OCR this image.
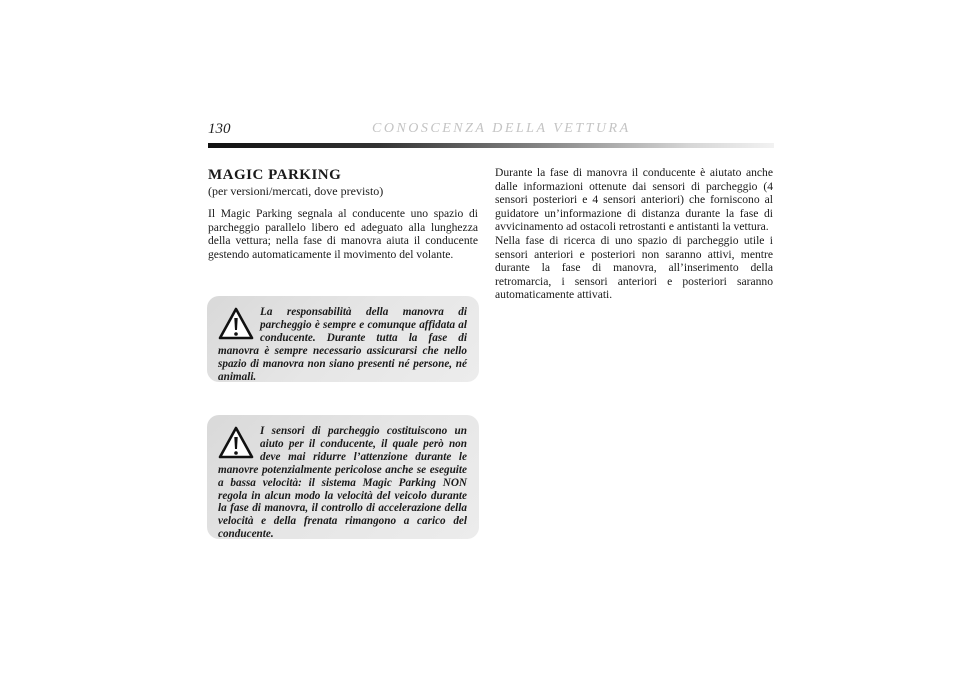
130	CONOSCENZA DELLA VETTURA
MAGIC PARKING

(per versioni/mercati, dove previsto)

Il Magic Parking segnala al conducente uno spazio di parcheggio parallelo libero ed adeguato alla lunghezza della vettura; nella fase di manovra aiuta il conducente gestendo automaticamente il movimento del volante.

La responsabilità della manovra di parcheggio è sempre e comunque affidata al conducente. Durante tutta la fase di manovra è sempre necessario assicurarsi che nello spazio di manovra non siano presenti né persone, né animali.
I sensori di parcheggio costituiscono un aiuto per il conducente, il quale però non deve mai ridurre l’attenzione durante le manovre potenzialmente pericolose anche se eseguite a bassa velocità: il sistema Magic Parking NON regola in alcun modo la velocità del veicolo durante la fase di manovra, il controllo di accelerazione della velocità e della frenata rimangono a carico del conducente.

Durante la fase di manovra il conducente è aiutato anche dalle informazioni ottenute dai sensori di parcheggio (4 sensori posteriori e 4 sensori anteriori) che forniscono al guidatore un’informazione di distanza durante la fase di avvicinamento ad ostacoli retrostanti e antistanti la vettura.

Nella fase di ricerca di uno spazio di parcheggio utile i sensori anteriori e posteriori non saranno attivi, mentre durante la fase di manovra, all’inserimento della retromarcia, i sensori anteriori e posteriori saranno automaticamente attivati.
